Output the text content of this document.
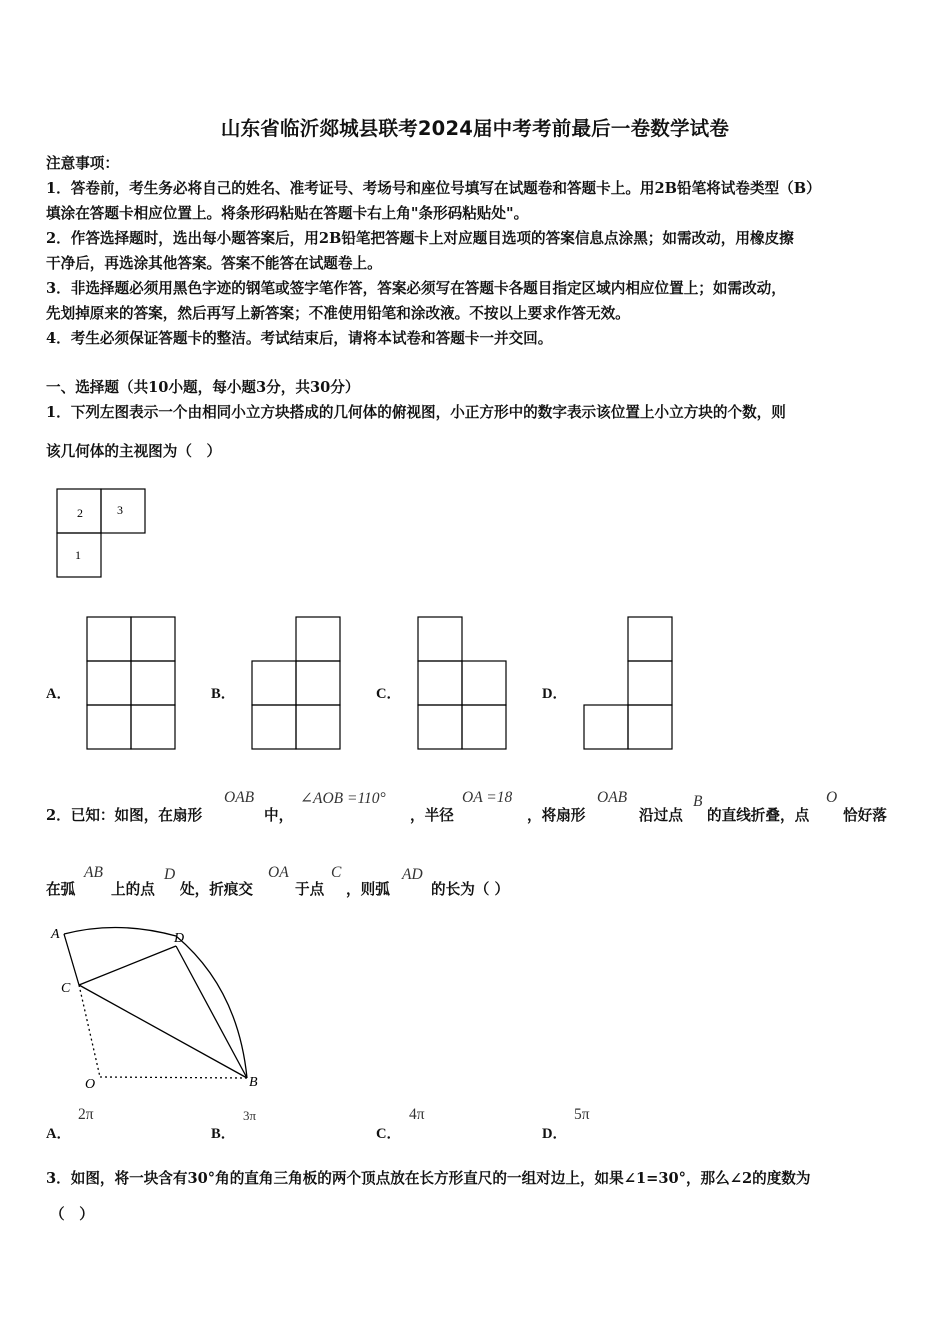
山东省临沂郯城县联考2024届中考考前最后一卷数学试卷
注意事项：
1．答卷前，考生务必将自己的姓名、准考证号、考场号和座位号填写在试题卷和答题卡上。用2B铅笔将试卷类型（B）
填涂在答题卡相应位置上。将条形码粘贴在答题卡右上角"条形码粘贴处"。
2．作答选择题时，选出每小题答案后，用2B铅笔把答题卡上对应题目选项的答案信息点涂黑；如需改动，用橡皮擦
干净后，再选涂其他答案。答案不能答在试题卷上。
3．非选择题必须用黑色字迹的钢笔或签字笔作答，答案必须写在答题卡各题目指定区域内相应位置上；如需改动，
先划掉原来的答案，然后再写上新答案；不准使用铅笔和涂改液。不按以上要求作答无效。
4．考生必须保证答题卡的整洁。考试结束后，请将本试卷和答题卡一并交回。
一、选择题（共10小题，每小题3分，共30分）
1．下列左图表示一个由相同小立方块搭成的几何体的俯视图，小正方形中的数字表示该位置上小立方块的个数，则
该几何体的主视图为（　）
2	3
1
A．	B．	C．	D．
2．已知：如图，在扇形
OAB
中，
∠AOB =110°
，半径
OA =18
，将扇形
OAB
沿过点
B
的直线折叠，点
O
恰好落
在弧
AB
上的点
D
处，折痕交
OA
于点
C
，则弧
AD
的长为（ ）
A	D
C
O	B
A．
2π
B．
3π
C．
4π
D．
5π
3．如图，将一块含有30°角的直角三角板的两个顶点放在长方形直尺的一组对边上，如果∠1=30°，那么∠2的度数为
（　）
